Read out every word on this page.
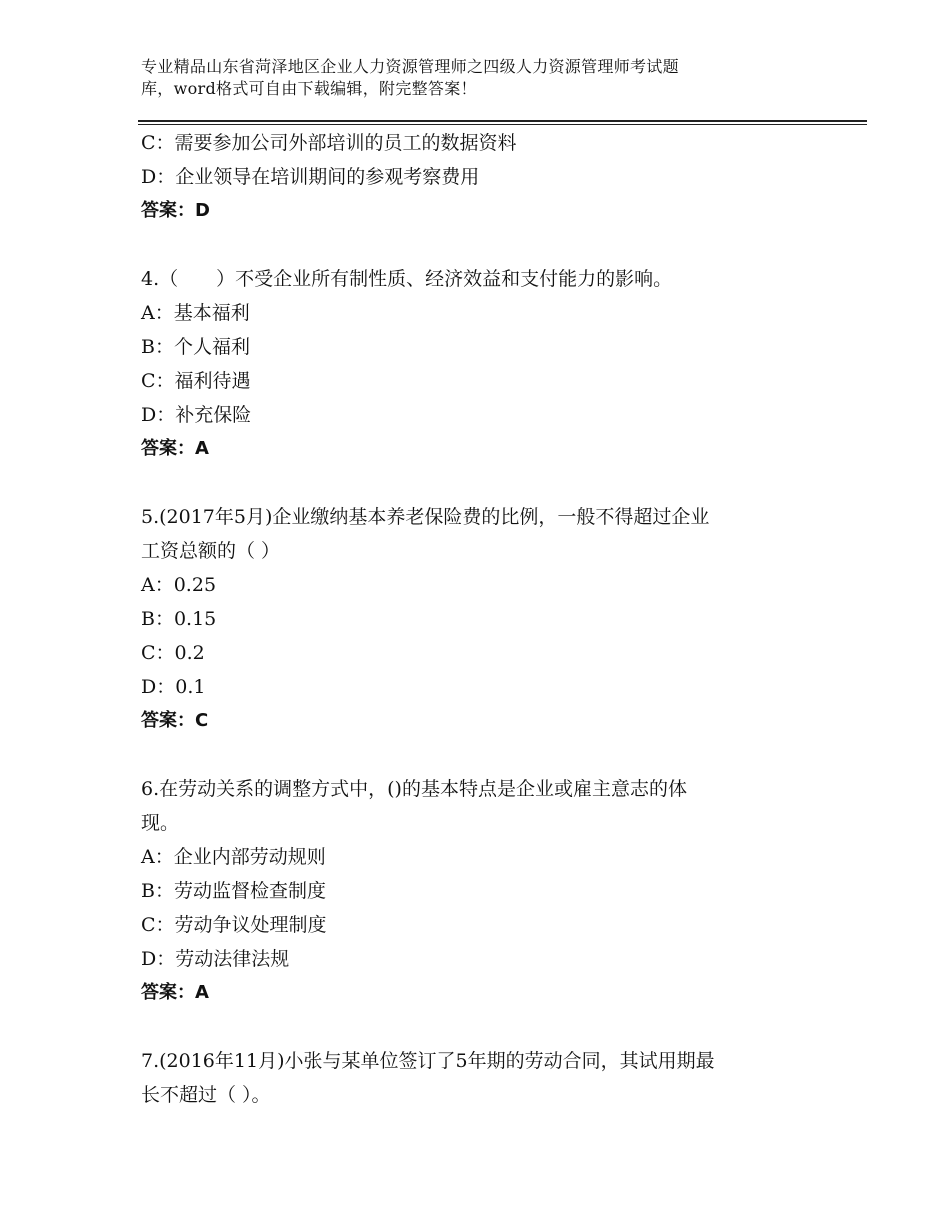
专业精品山东省菏泽地区企业人力资源管理师之四级人力资源管理师考试题
库，word格式可自由下载编辑，附完整答案！
C：需要参加公司外部培训的员工的数据资料
D：企业领导在培训期间的参观考察费用
答案：D
4.（　　）不受企业所有制性质、经济效益和支付能力的影响。
A：基本福利
B：个人福利
C：福利待遇
D：补充保险
答案：A
5.(2017年5月)企业缴纳基本养老保险费的比例，一般不得超过企业
工资总额的（ ）
A：0.25
B：0.15
C：0.2
D：0.1
答案：C
6.在劳动关系的调整方式中，()的基本特点是企业或雇主意志的体
现。
A：企业内部劳动规则
B：劳动监督检查制度
C：劳动争议处理制度
D：劳动法律法规
答案：A
7.(2016年11月)小张与某单位签订了5年期的劳动合同，其试用期最
长不超过（ ）。
